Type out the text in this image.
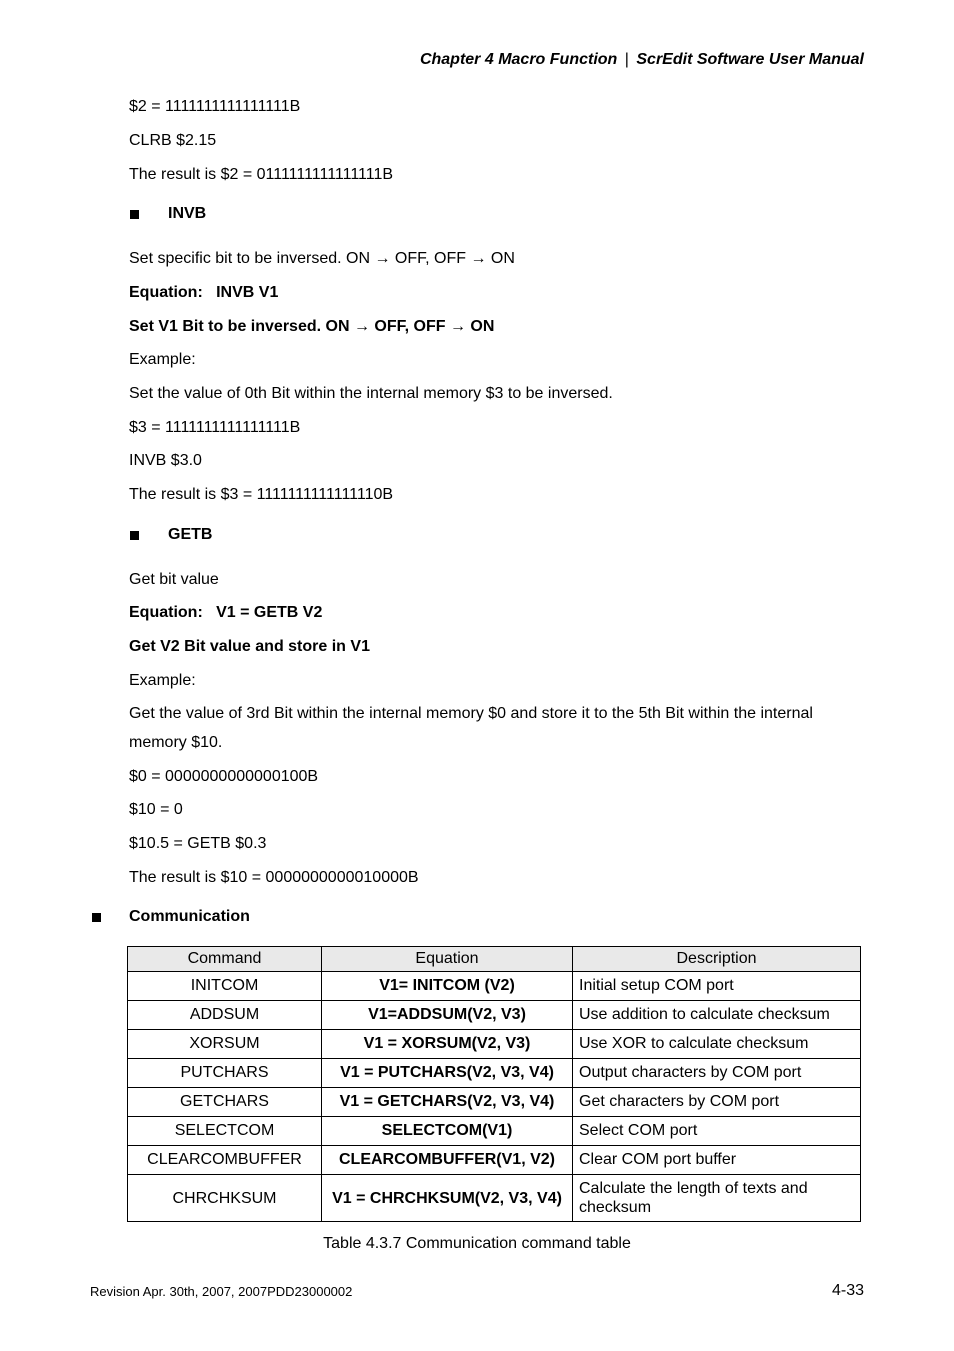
Chapter 4 Macro Function | ScrEdit Software User Manual
$2 = 1111111111111111B
CLRB $2.15
The result is $2 = 0111111111111111B
INVB
Set specific bit to be inversed. ON → OFF, OFF → ON
Equation: INVB V1
Set V1 Bit to be inversed. ON → OFF, OFF → ON
Example:
Set the value of 0th Bit within the internal memory $3 to be inversed.
$3 = 1111111111111111B
INVB $3.0
The result is $3 = 1111111111111110B
GETB
Get bit value
Equation: V1 = GETB V2
Get V2 Bit value and store in V1
Example:
Get the value of 3rd Bit within the internal memory $0 and store it to the 5th Bit within the internal
memory $10.
$0 = 0000000000000100B
$10 = 0
$10.5 = GETB $0.3
The result is $10 = 0000000000010000B
Communication
Command	Equation	Description
INITCOM	V1= INITCOM (V2)	Initial setup COM port
ADDSUM	V1=ADDSUM(V2, V3)	Use addition to calculate checksum
XORSUM	V1 = XORSUM(V2, V3)	Use XOR to calculate checksum
PUTCHARS	V1 = PUTCHARS(V2, V3, V4)	Output characters by COM port
GETCHARS	V1 = GETCHARS(V2, V3, V4)	Get characters by COM port
SELECTCOM	SELECTCOM(V1)	Select COM port
CLEARCOMBUFFER	CLEARCOMBUFFER(V1, V2)	Clear COM port buffer
CHRCHKSUM	V1 = CHRCHKSUM(V2, V3, V4)	Calculate the length of texts and
checksum
Table 4.3.7 Communication command table
Revision Apr. 30th, 2007, 2007PDD23000002	4-33
